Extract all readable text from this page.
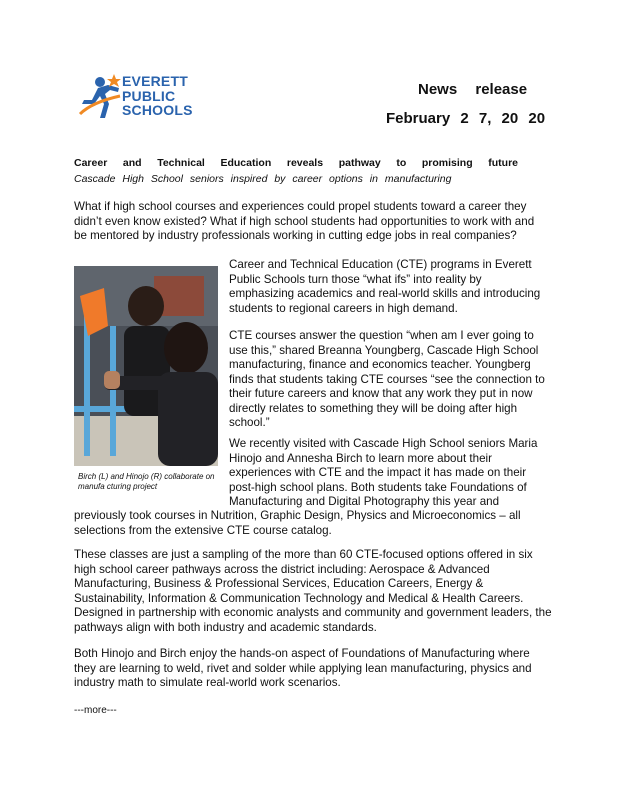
EVERETT
PUBLIC
SCHOOLS
News release
February 2 7, 20 20
Career and Technical Education reveals pathway to promising future
Cascade High School seniors inspired by career options in manufacturing
What if high school courses and experiences could propel students toward a career they didn’t even know existed? What if high school students had opportunities to work with and be mentored by industry professionals working in cutting edge jobs in real companies?
Career and Technical Education (CTE) programs in Everett Public Schools turn those “what ifs” into reality by emphasizing academics and real-world skills and introducing students to regional careers in high demand.
CTE courses answer the question “when am I ever going to use this,” shared Breanna Youngberg, Cascade High School manufacturing, finance and economics teacher. Youngberg finds that students taking CTE courses “see the connection to their future careers and know that any work they put in now directly relates to something they will be doing after high school.”
We recently visited with Cascade High School seniors Maria Hinojo and Annesha Birch to learn more about their experiences with CTE and the impact it has made on their post-high school plans. Both students take Foundations of Manufacturing and Digital Photography this year and
previously took courses in Nutrition, Graphic Design, Physics and Microeconomics – all selections from the extensive CTE course catalog.
These classes are just a sampling of the more than 60 CTE-focused options offered in six high school career pathways across the district including: Aerospace & Advanced Manufacturing, Business & Professional Services, Education Careers, Energy & Sustainability, Information & Communication Technology and Medical & Health Careers. Designed in partnership with economic analysts and community and government leaders, the pathways align with both industry and academic standards.
Both Hinojo and Birch enjoy the hands-on aspect of Foundations of Manufacturing where they are learning to weld, rivet and solder while applying lean manufacturing, physics and industry math to simulate real-world work scenarios.
---more---
Birch (L) and Hinojo (R) collaborate on manufa cturing project
